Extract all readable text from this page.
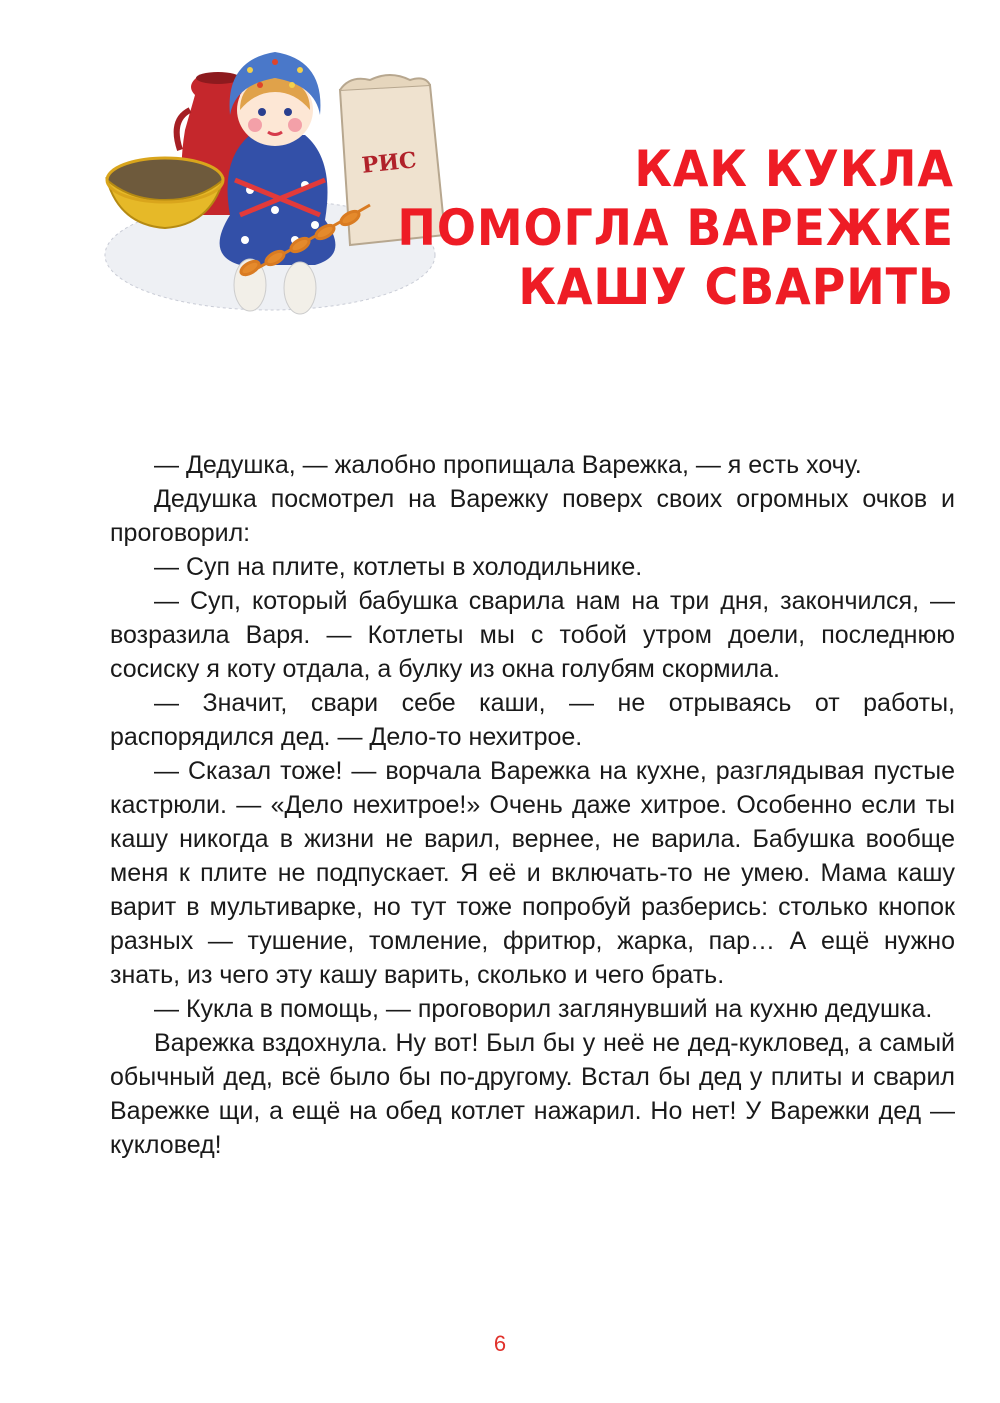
РИС	КАК КУКЛА
ПОМОГЛА ВАРЕЖКЕ
КАШУ СВАРИТЬ

— Дедушка, — жалобно пропищала Варежка, — я есть хочу.

Дедушка посмотрел на Варежку поверх своих огромных очков и проговорил:

— Суп на плите, котлеты в холодильнике.

— Суп, который бабушка сварила нам на три дня, закончился, — возразила Варя. — Котлеты мы с тобой утром доели, последнюю сосиску я коту отдала, а булку из окна голубям скормила.

— Значит, свари себе каши, — не отрываясь от работы, распорядился дед. — Дело-то нехитрое.

— Сказал тоже! — ворчала Варежка на кухне, разглядывая пустые кастрюли. — «Дело нехитрое!» Очень даже хитрое. Особенно если ты кашу никогда в жизни не варил, вернее, не варила. Бабушка вообще меня к плите не подпускает. Я её и включать-то не умею. Мама кашу варит в мультиварке, но тут тоже попробуй разберись: столько кнопок разных — тушение, томление, фритюр, жарка, пар… А ещё нужно знать, из чего эту кашу варить, сколько и чего брать.

— Кукла в помощь, — проговорил заглянувший на кухню дедушка.

Варежка вздохнула. Ну вот! Был бы у неё не дед-кукловед, а самый обычный дед, всё было бы по-другому. Встал бы дед у плиты и сварил Варежке щи, а ещё на обед котлет нажарил. Но нет! У Варежки дед — кукловед!

6
